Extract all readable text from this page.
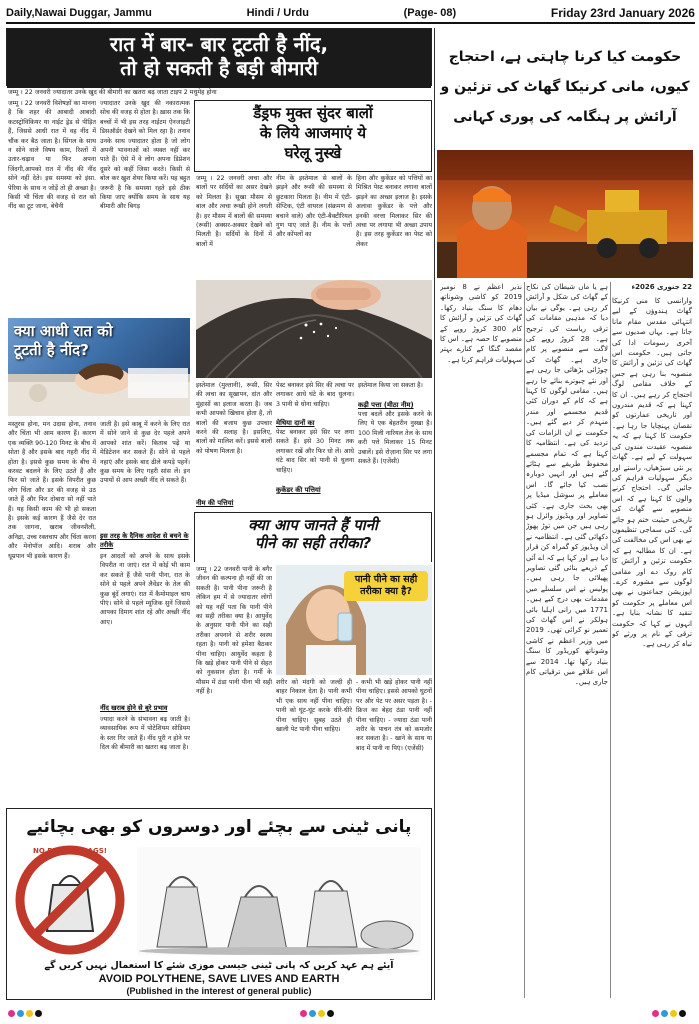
Daily,Nawai Duggar, Jammu	Hindi / Urdu	(Page- 08)	Friday 23rd January 2026
रात में बार- बार टूटती है नींद,
तो हो सकती है बड़ी बीमारी
जम्मू । 22 जनवरी ज्यादातर उनके खुद की बीमारी का खतरा बढ़ जाता टाइप 2 मधुमेह होना
जम्मू । 22 जनवरी विशेषज्ञों का मानना है कि शहर की आबादी आबादी कटस्ट्रोविकियर या नाईट ड्रेड से पीड़ित हैं, जिससे आधी रात में वह नींद में चौंक कर बैठ जाता है। सिंगल के साथ न सोने वाले विषय काम, रिश्तों में उतार-चढ़ाव या फिर अपना जिंदगी,आपको रात में नींद की नींद सोने नहीं देते। इस समस्या को इंसा. पेरिया के साथ न जोड़ें तो ही अच्छा है। किसी भी चिंता की वजह से रात को नींद का टूट जाना, बेचैनी
ज्यादातर उनके खुद की नकारात्मक सोच की वजह से होता है। ख़ास तक कि बच्चों में भी इस तरह नाईटम ऐनजाइटी डिसऑर्डर देखने को मिल रहा है। तनाव उनके साथ ज्यादातर होता है जो लोग अपनी भावनाओं को व्यक्त नहीं कर पाते हैं। ऐसे में वे लोग अपना डिप्रेशन दूसरे को कहीं जिसा करते। किसी से बोल कर खुश शेयर किया करें। यह बहुत जरूरी है कि समस्या रहते इसे ठीक किया जाए क्योंकि समय के साथ यह बीमारी और बिगड़
क्या आधी रात को टूटती है नींद?
मस्तुरस होना, मन उदास होना, तनाव और चिंता भी आम कारण हैं। कारण एक व्यक्ति 90-120 मिनट के बीच में सोता है और इसके बाद गहरी नींद में होता है। इससे कुछ समय के बीच में करवट बदलने के लिए उठते हैं और फिर सो जाते हैं। इसके विपरीत कुछ लोग चिंता और डर की वजह से उठ जाते हैं और फिर दोबारा सो नहीं पाते हैं। यह किसी काम की भी हो सकता है। इसके कई कारण हैं जैसे देर रात तक जागना, खराब जीवनशैली, अनिद्रा, उच्च रक्तचाप और चिंता करना और मेनोपॉज आदि। शराब और धूम्रपान भी इसके कारण हैं।
जाती है। इसे काबू में करने के लिए रात में सोने जाने से कुछ देर पहले अपने आपको शांत करें। किताब पढ़ें या मेडिटेशन कर सकते हैं। सोने से पहले नहाएं और इसके बाद ढीले कपड़े पहनें। कुछ समय के लिए गहरी सांस लें। इन उपायों से आप अच्छी नींद ले सकते हैं।
इस तरह के दैनिक आदेश से बचने के तरीके
इन आदतों को अपने के साथ इसके विपरीत ना जाएं। रात में कोई भी काम कर सकते हैं जैसे पानी पीना, रात के सोने से पहले अपने लैवेंडर के तेल की कुछ बूंदें लगाएं। रात में कैमोमाइल चाय पीएं। सोने से पहले म्यूजिक सुनें जिससे आपका दिमाग शांत रहे और अच्छी नींद आए।
नींद खराब होने से बुरे प्रभाव
ज्यादा करने के संभावना बढ़ जाती है। व्यावसायिक रूप में पोटेशियम सोडियम के स्तर गिर जाते हैं। नींद पूरी न होने पर दिल की बीमारी का खतरा बढ़ जाता है।
डैंड्रफ मुक्त सुंदर बालों
के लिये आजमाएं ये
घरेलू नुस्खे
जम्मू । 22 जनवरी त्वचा और बालों पर सर्दियों का असर देखने को मिलता है। सूखा मौसम से बाल और त्वचा रूखी होने लगती है। हर मौसम में बालों की समस्या (रूसी) अक्सर-अक्सर देखने को मिलती है। सर्दियों के दिनों में बालों में
नीम के इस्तेमाल से बालों के झड़ने और रूसी की समस्या से छुटकारा मिलता है। नीम में एंटी-सेप्टिक, एंटी वायरल (संक्रमण से बचाने वाले) और एंटी-बैक्टीरियल गुण पाए जाते हैं। नीम के पत्तों और कोंपलों का
हिना और कुकेंडर को पत्तियों का मिश्रित पेस्ट बनाकर लगाना बालों झड़ने का अच्छा इलाज है। इसके अलावा कुकेंडर के पत्ते और इनकी वरत्ता मिलाकर सिर की त्वचा पर लगाया भी अच्छा उपाय है। इस तरह कुकेंडर का पेस्ट को लेकर
इस्तेमाल (मुल्तानी), रूसी, सिर की त्वचा का सूखापन, दांत और मुंहासों का इलाज करता है। जब कभी आपको खिचाव होता है, तो बालों की बजाय कुछ उपचार करने की सलाह है। इसलिए, बालों को मालिश करें। इससे बालों को पोषण मिलता है।
नीम की पत्तियां
पेस्ट बनाकर इसे सिर की त्वचा पर लगाकर आधे घंटे के बाद धुलना। 3 पानी से धोना चाहिए।
मेथिया दानों का
पेस्ट बनाकर इसे सिर पर लगा सकते हैं। इसे 30 मिनट तक लगाकर रखें और फिर धो लें। आधे घंटे बाद सिर को पानी से धुलना चाहिए।
कुकेंडर की पत्तियां
इस्तेमाल किया जा सकता है।
कढ़ी पत्ता (मीठा नीम)
पत्ता बदलें और इसके करने के लिए ये एक बेहतरीन नुस्खा है। 100 मिली नारियल तेल के साथ करी पत्ते मिलाकर 15 मिनट उबालें। इसे रोज़ाना सिर पर लगा सकते हैं। (एजेंसी)
क्या आप जानते हैं पानी
पीने का सही तरीका?
जम्मू । 22 जनवरी पानी के बगैर जीवन की कल्पना ही नहीं की जा सकती है। पानी पीना जरूरी है लेकिन हम में से ज्यादातर लोगों को यह नहीं पता कि पानी पीने का सही तरीका क्या है। आयुर्वेद के अनुसार पानी पीने का सही तरीका अपनाने से शरीर स्वस्थ रहता है। पानी को हमेशा बैठकर पीना चाहिए। आयुर्वेद कहता है कि खड़े होकर पानी पीने से सेहत को नुकसान होता है। गर्मी के मौसम में ठंडा पानी पीना भी सही नहीं है।
पानी पीने का सही
तरीका क्या है?
शरीर को मंदगी को जल्दी ही बाहर निकाल देता है। पानी कभी भी एक साथ नहीं पीना चाहिए। पानी को घूंट-घूंट करके धीरे-धीरे पीना चाहिए। सुबह उठते ही खाली पेट पानी पीना चाहिए।
- कभी भी खड़े होकर पानी नहीं पीना चाहिए। इससे आपको घुटनों पर और पेट पर असर पड़ता है। - फ्रिज का बेहद ठंडा पानी नहीं पीना चाहिए। - ज्यादा ठंडा पानी शरीर के पाचन तंत्र को कमजोर कर सकता है। - खाने के साथ या बाद में पानी ना पिएं। (एजेंसी)
حکومت کیا کرنا چاہتی ہے، احتجاج
کیوں، مانی کرنیکا گھاٹ کی تزئین و
آرائش پر ہنگامہ کی پوری کہانی
22 جنوری 2026ء
وارانسی کا منی کرنیکا گھاٹ ہندوؤں کے لیے انتہائی مقدس مقام مانا جاتا ہے۔ یہاں صدیوں سے آخری رسومات ادا کی جاتی ہیں۔ حکومت اس گھاٹ کی تزئین و آرائش کا منصوبہ بنا رہی ہے جس کے خلاف مقامی لوگ احتجاج کر رہے ہیں۔ ان کا کہنا ہے کہ قدیم مندروں اور تاریخی عمارتوں کو نقصان پہنچایا جا رہا ہے۔ حکومت کا کہنا ہے کہ یہ منصوبہ عقیدت مندوں کی سہولت کے لیے ہے۔ گھاٹ پر نئی سیڑھیاں، راستے اور دیگر سہولیات فراہم کی جائیں گی۔ احتجاج کرنے والوں کا کہنا ہے کہ اس منصوبے سے گھاٹ کی تاریخی حیثیت ختم ہو جائے گی۔ کئی سماجی تنظیموں نے بھی اس کی مخالفت کی ہے۔ ان کا مطالبہ ہے کہ حکومت تزئین و آرائش کا کام روک دے اور مقامی لوگوں سے مشورہ کرے۔ اپوزیشن جماعتوں نے بھی اس معاملے پر حکومت کو تنقید کا نشانہ بنایا ہے۔ انہوں نے کہا کہ حکومت ترقی کے نام پر ورثے کو تباہ کر رہی ہے۔
ہے یا ماں شیطان کی نکاح کے گھاٹ کی شکل و آرائش کر رہی ہے۔ یوگی نے بیان دیا کہ مذہبی مقامات کی ترقی ریاست کی ترجیح ہے۔ 28 کروڑ روپے کی لاگت سے منصوبے پر کام جاری ہے۔ گھاٹ کی چوڑائی بڑھائی جا رہی ہے اور نئے چبوترے بنائے جا رہے ہیں۔ مقامی لوگوں کا کہنا ہے کہ کام کے دوران کئی قدیم مجسمے اور مندر منہدم کر دیے گئے ہیں۔ حکومت نے ان الزامات کی تردید کی ہے۔ انتظامیہ کا کہنا ہے کہ تمام مجسمے محفوظ طریقے سے ہٹائے گئے ہیں اور انہیں دوبارہ نصب کیا جائے گا۔ اس معاملے پر سوشل میڈیا پر بھی بحث جاری ہے۔ کئی تصاویر اور ویڈیوز وائرل ہو رہی ہیں جن میں توڑ پھوڑ دکھائی گئی ہے۔ انتظامیہ نے ان ویڈیوز کو گمراہ کن قرار دیا ہے اور کہا ہے کہ اے آئی کے ذریعے بنائی گئی تصاویر پھیلائی جا رہی ہیں۔ پولیس نے اس سلسلے میں مقدمات بھی درج کیے ہیں۔ 1771 میں رانی اہلیا بائی ہولکر نے اس گھاٹ کی تعمیر نو کرائی تھی۔ 2019 میں وزیر اعظم نے کاشی وشوناتھ کوریڈور کا سنگ بنیاد رکھا تھا۔ 2014 سے اس علاقے میں ترقیاتی کام جاری ہیں۔
نذیر اعظم نے 8 نومبر 2019 کو کاشی وشوناتھ دھام کا سنگ بنیاد رکھا۔ گھاٹ کی تزئین و آرائش کا کام 300 کروڑ روپے کے منصوبے کا حصہ ہے۔ اس کا مقصد گنگا کے کنارے بہتر سہولیات فراہم کرنا ہے۔
پانی ٹینی سے بچئے اور دوسروں کو بھی بچائیے
NO PLASTIC BAGS!
آیئے ہم عہد کریں کہ پانی ٹینی جیسی موزی شئے کا استعمال نہیں کریں گے
AVOID POLYTHENE, SAVE LIVES AND EARTH
(Published in the interest of general public)
